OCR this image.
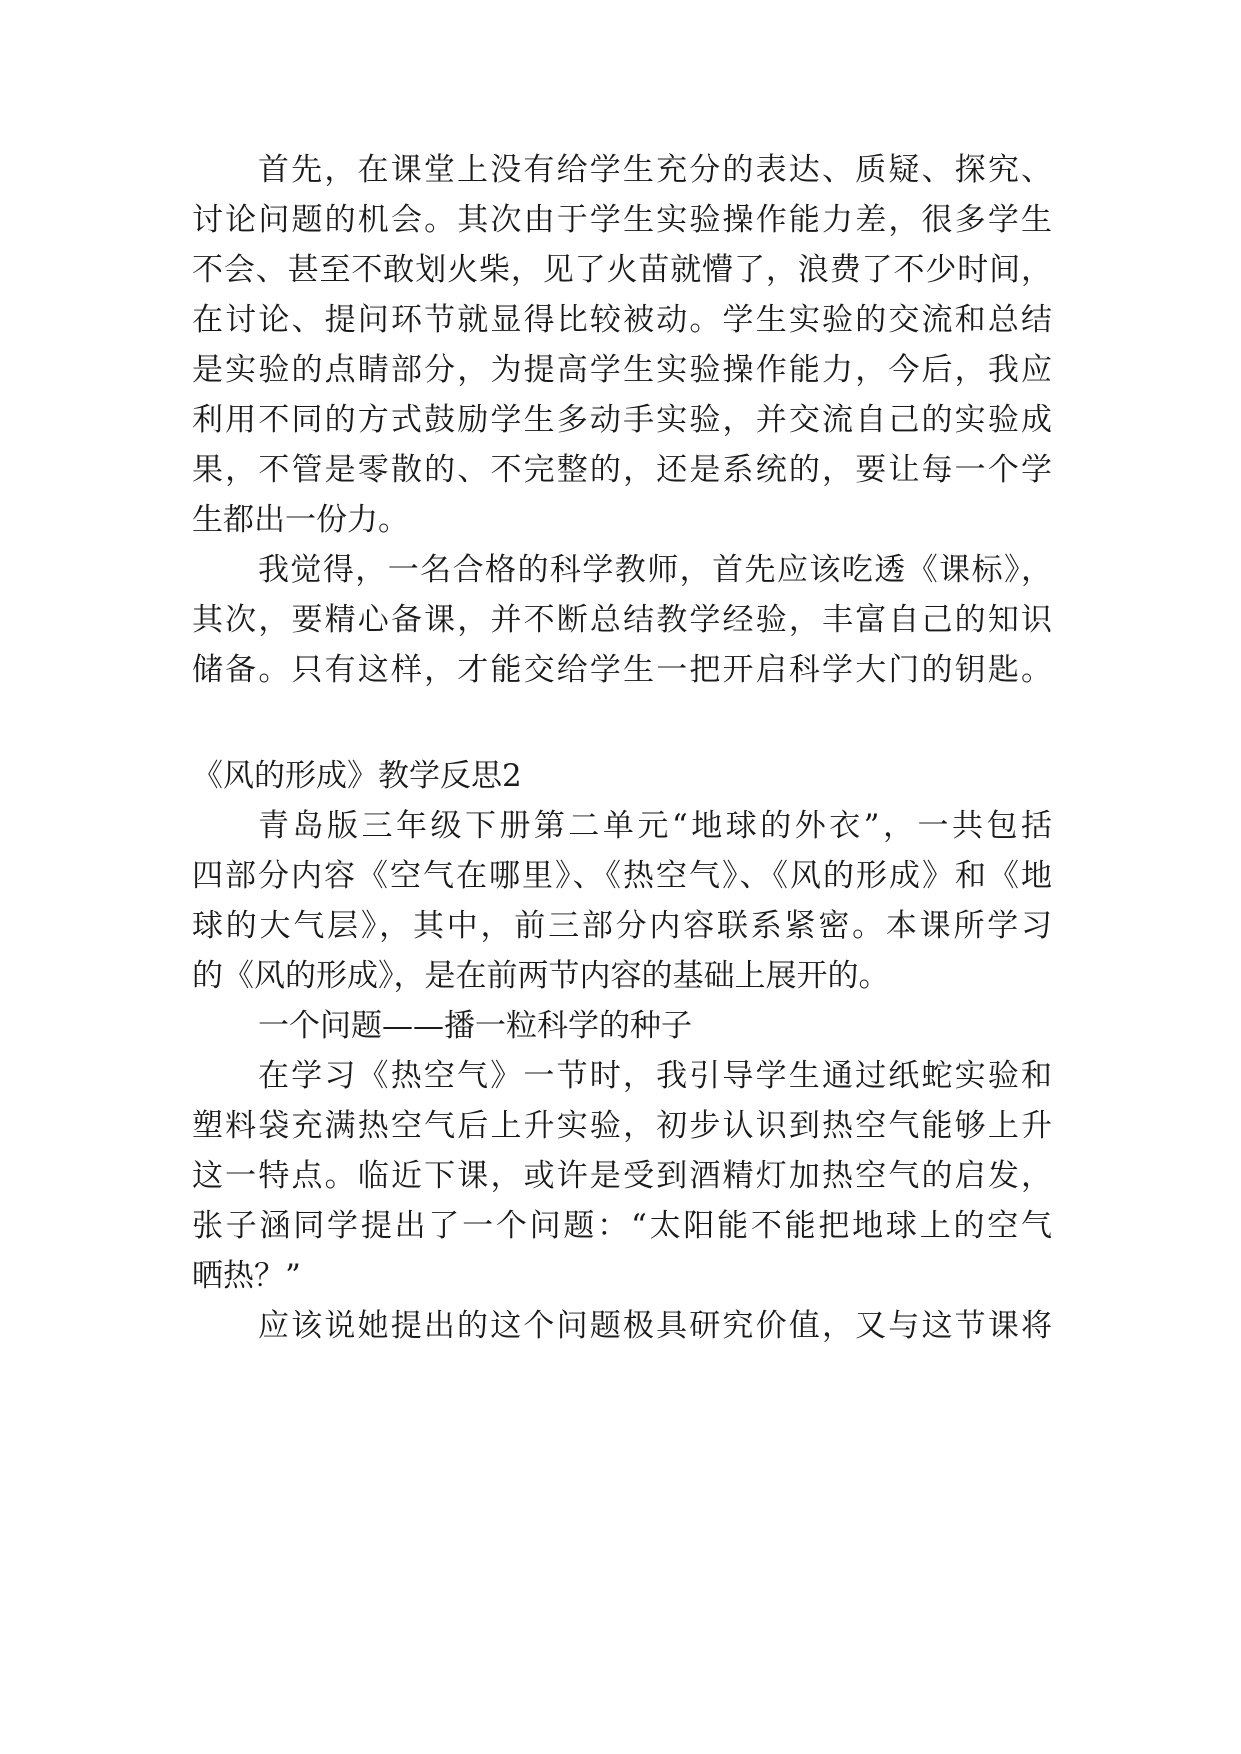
首先，在课堂上没有给学生充分的表达、质疑、探究、

讨论问题的机会。其次由于学生实验操作能力差，很多学生

不会、甚至不敢划火柴，见了火苗就懵了，浪费了不少时间，

在讨论、提问环节就显得比较被动。学生实验的交流和总结

是实验的点睛部分，为提高学生实验操作能力，今后，我应

利用不同的方式鼓励学生多动手实验，并交流自己的实验成

果，不管是零散的、不完整的，还是系统的，要让每一个学

生都出一份力。

我觉得，一名合格的科学教师，首先应该吃透《课标》，

其次，要精心备课，并不断总结教学经验，丰富自己的知识

储备。只有这样，才能交给学生一把开启科学大门的钥匙。

《风的形成》教学反思2

青岛版三年级下册第二单元“地球的外衣”，一共包括

四部分内容《空气在哪里》、《热空气》、《风的形成》和《地

球的大气层》，其中，前三部分内容联系紧密。本课所学习

的《风的形成》，是在前两节内容的基础上展开的。

一个问题——播一粒科学的种子

在学习《热空气》一节时，我引导学生通过纸蛇实验和

塑料袋充满热空气后上升实验，初步认识到热空气能够上升

这一特点。临近下课，或许是受到酒精灯加热空气的启发，

张子涵同学提出了一个问题：“太阳能不能把地球上的空气

晒热？”

应该说她提出的这个问题极具研究价值，又与这节课将
